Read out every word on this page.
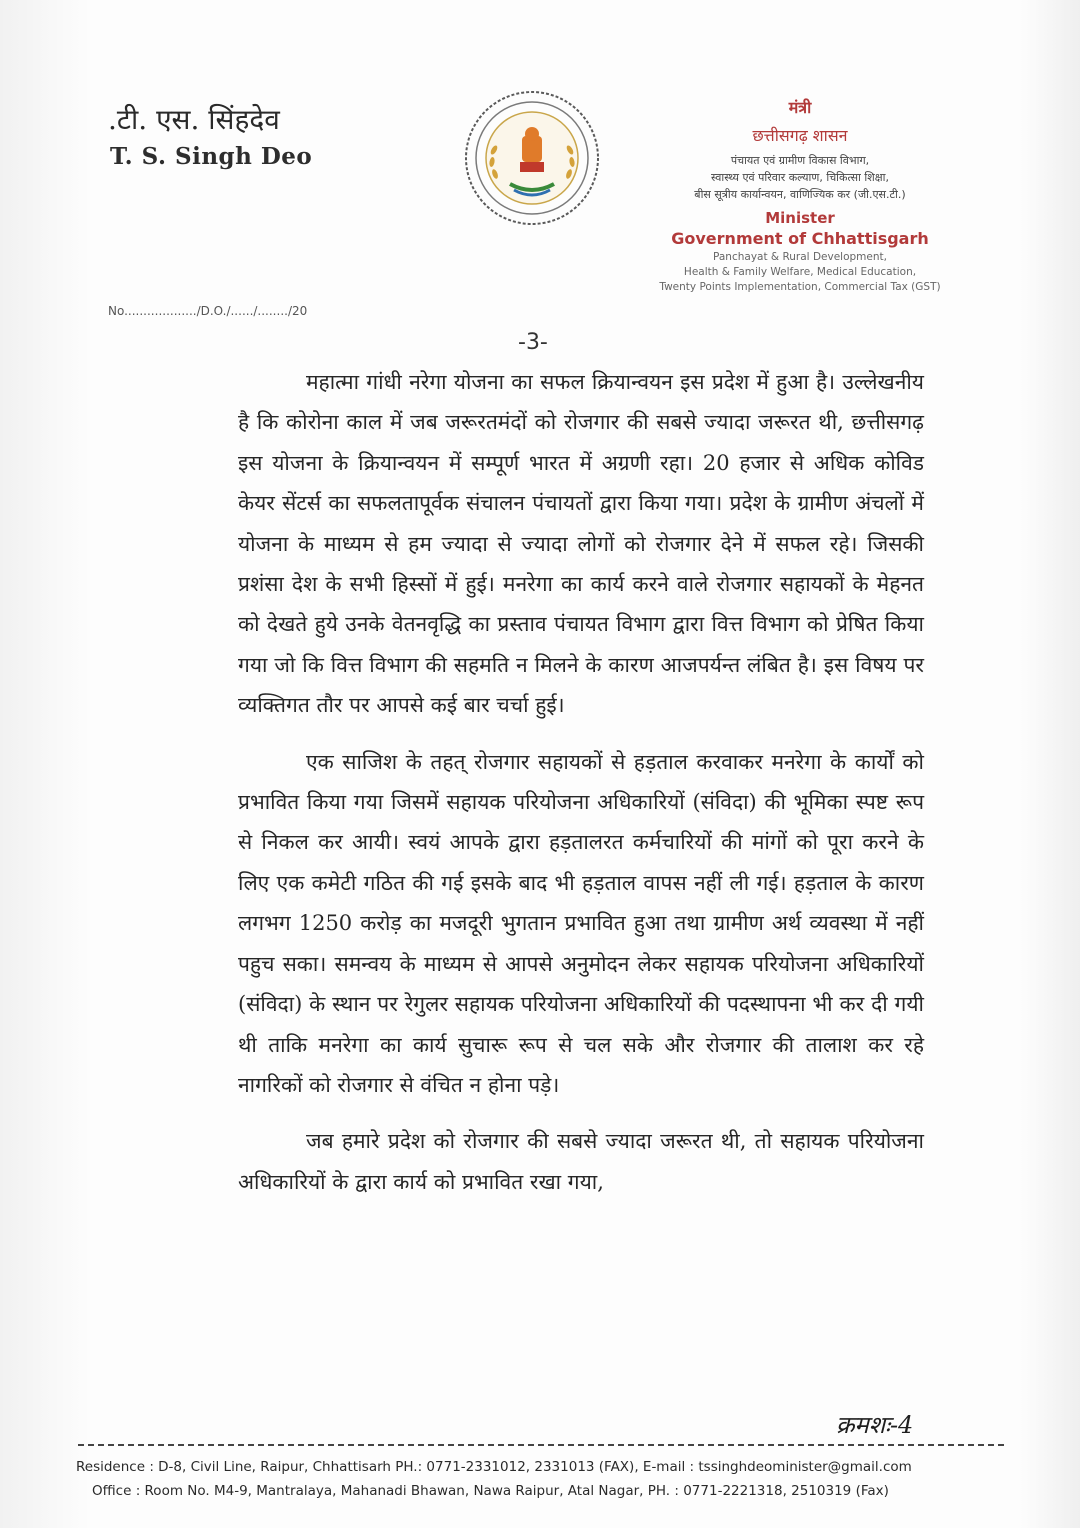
.टी. एस. सिंहदेव
T. S. Singh Deo
No.................../D.O./....../......../20
मंत्री
छत्तीसगढ़ शासन
पंचायत एवं ग्रामीण विकास विभाग,
स्वास्थ्य एवं परिवार कल्याण, चिकित्सा शिक्षा,
बीस सूत्रीय कार्यान्वयन, वाणिज्यिक कर (जी.एस.टी.)
Minister
Government of Chhattisgarh
Panchayat & Rural Development,
Health & Family Welfare, Medical Education,
Twenty Points Implementation, Commercial Tax (GST)
-3-

महात्मा गांधी नरेगा योजना का सफल क्रियान्वयन इस प्रदेश में हुआ है। उल्लेखनीय है कि कोरोना काल में जब जरूरतमंदों को रोजगार की सबसे ज्यादा जरूरत थी, छत्तीसगढ़ इस योजना के क्रियान्वयन में सम्पूर्ण भारत में अग्रणी रहा। 20 हजार से अधिक कोविड केयर सेंटर्स का सफलतापूर्वक संचालन पंचायतों द्वारा किया गया। प्रदेश के ग्रामीण अंचलों में योजना के माध्यम से हम ज्यादा से ज्यादा लोगों को रोजगार देने में सफल रहे। जिसकी प्रशंसा देश के सभी हिस्सों में हुई। मनरेगा का कार्य करने वाले रोजगार सहायकों के मेहनत को देखते हुये उनके वेतनवृद्धि का प्रस्ताव पंचायत विभाग द्वारा वित्त विभाग को प्रेषित किया गया जो कि वित्त विभाग की सहमति न मिलने के कारण आजपर्यन्त लंबित है। इस विषय पर व्यक्तिगत तौर पर आपसे कई बार चर्चा हुई।

एक साजिश के तहत् रोजगार सहायकों से हड़ताल करवाकर मनरेगा के कार्यों को प्रभावित किया गया जिसमें सहायक परियोजना अधिकारियों (संविदा) की भूमिका स्पष्ट रूप से निकल कर आयी। स्वयं आपके द्वारा हड़तालरत कर्मचारियों की मांगों को पूरा करने के लिए एक कमेटी गठित की गई इसके बाद भी हड़ताल वापस नहीं ली गई। हड़ताल के कारण लगभग 1250 करोड़ का मजदूरी भुगतान प्रभावित हुआ तथा ग्रामीण अर्थ व्यवस्था में नहीं पहुच सका। समन्वय के माध्यम से आपसे अनुमोदन लेकर सहायक परियोजना अधिकारियों (संविदा) के स्थान पर रेगुलर सहायक परियोजना अधिकारियों की पदस्थापना भी कर दी गयी थी ताकि मनरेगा का कार्य सुचारू रूप से चल सके और रोजगार की तालाश कर रहे नागरिकों को रोजगार से वंचित न होना पड़े।

जब हमारे प्रदेश को रोजगार की सबसे ज्यादा जरूरत थी, तो सहायक परियोजना अधिकारियों के द्वारा कार्य को प्रभावित रखा गया,

क्रमशः-4
Residence : D-8, Civil Line, Raipur, Chhattisarh PH.: 0771-2331012, 2331013 (FAX), E-mail : tssinghdeominister@gmail.com
Office : Room No. M4-9, Mantralaya, Mahanadi Bhawan, Nawa Raipur, Atal Nagar, PH. : 0771-2221318, 2510319 (Fax)
